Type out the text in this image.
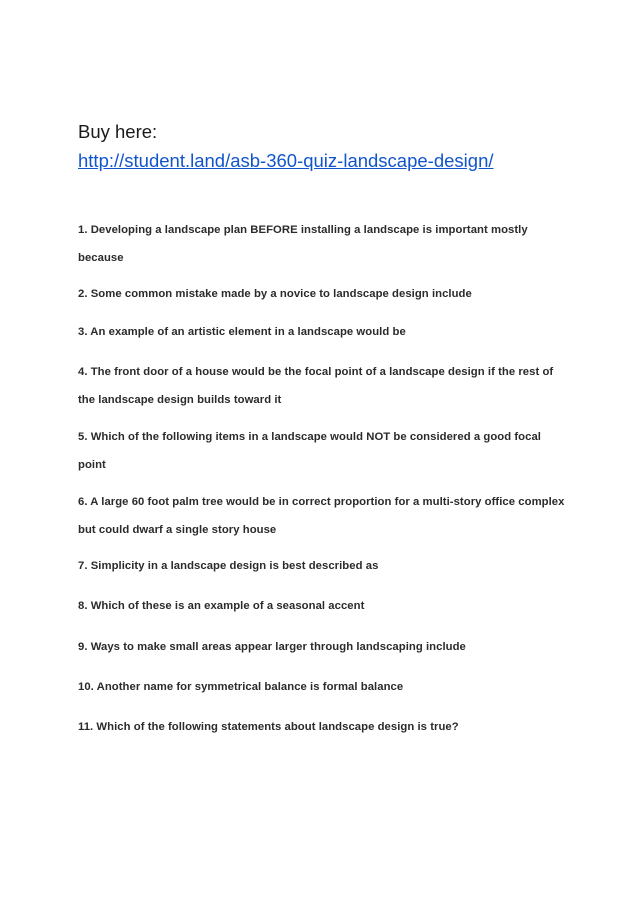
Buy here:
http://student.land/asb-360-quiz-landscape-design/
1. Developing a landscape plan BEFORE installing a landscape is important mostly because
2. Some common mistake made by a novice to landscape design include
3. An example of an artistic element in a landscape would be
4. The front door of a house would be the focal point of a landscape design if the rest of the landscape design builds toward it
5. Which of the following items in a landscape would NOT be considered a good focal point
6. A large 60 foot palm tree would be in correct proportion for a multi-story office complex but could dwarf a single story house
7. Simplicity in a landscape design is best described as
8. Which of these is an example of a seasonal accent
9. Ways to make small areas appear larger through landscaping include
10. Another name for symmetrical balance is formal balance
11. Which of the following statements about landscape design is true?
